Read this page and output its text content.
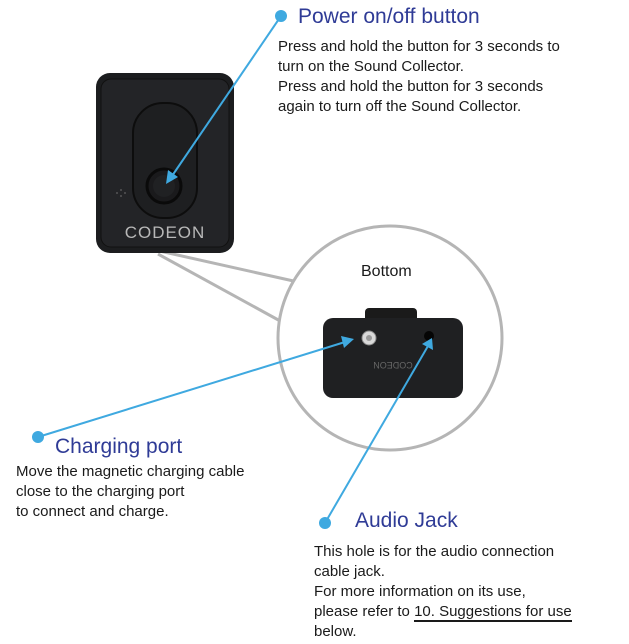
CODEON
CODEON
Power on/off button
Press and hold the button for 3 seconds to
turn on the Sound Collector.
Press and hold the button for 3 seconds
again to turn off the Sound Collector.
Bottom
Charging port
Move the magnetic charging cable
close to the charging port
to connect and charge.	Audio Jack
This hole is for the audio connection
cable jack.
For more information on its use,
please refer to 10. Suggestions for use
below.
